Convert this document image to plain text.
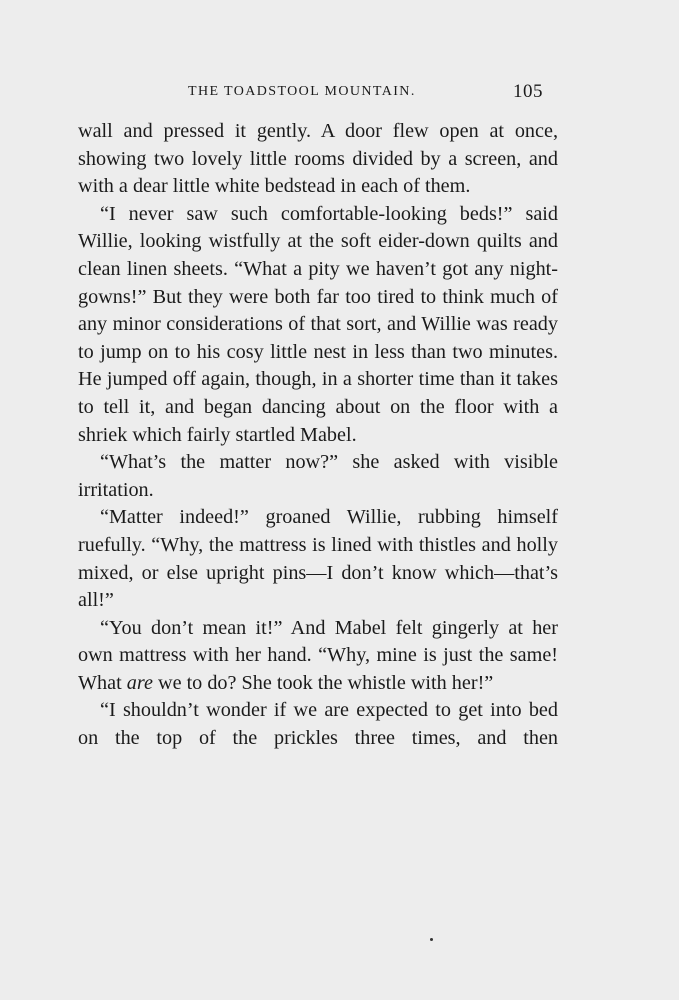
THE TOADSTOOL MOUNTAIN.	105

wall and pressed it gently. A door flew open at once, showing two lovely little rooms divided by a screen, and with a dear little white bedstead in each of them.

“I never saw such comfortable-looking beds!” said Willie, looking wistfully at the soft eider-down quilts and clean linen sheets. “What a pity we haven’t got any night-gowns!” But they were both far too tired to think much of any minor considerations of that sort, and Willie was ready to jump on to his cosy little nest in less than two minutes. He jumped off again, though, in a shorter time than it takes to tell it, and began dancing about on the floor with a shriek which fairly startled Mabel.

“What’s the matter now?” she asked with visible irritation.

“Matter indeed!” groaned Willie, rubbing himself ruefully. “Why, the mattress is lined with thistles and holly mixed, or else upright pins—I don’t know which—that’s all!”

“You don’t mean it!” And Mabel felt gingerly at her own mattress with her hand. “Why, mine is just the same! What are we to do? She took the whistle with her!”

“I shouldn’t wonder if we are expected to get into bed on the top of the prickles three times, and then
